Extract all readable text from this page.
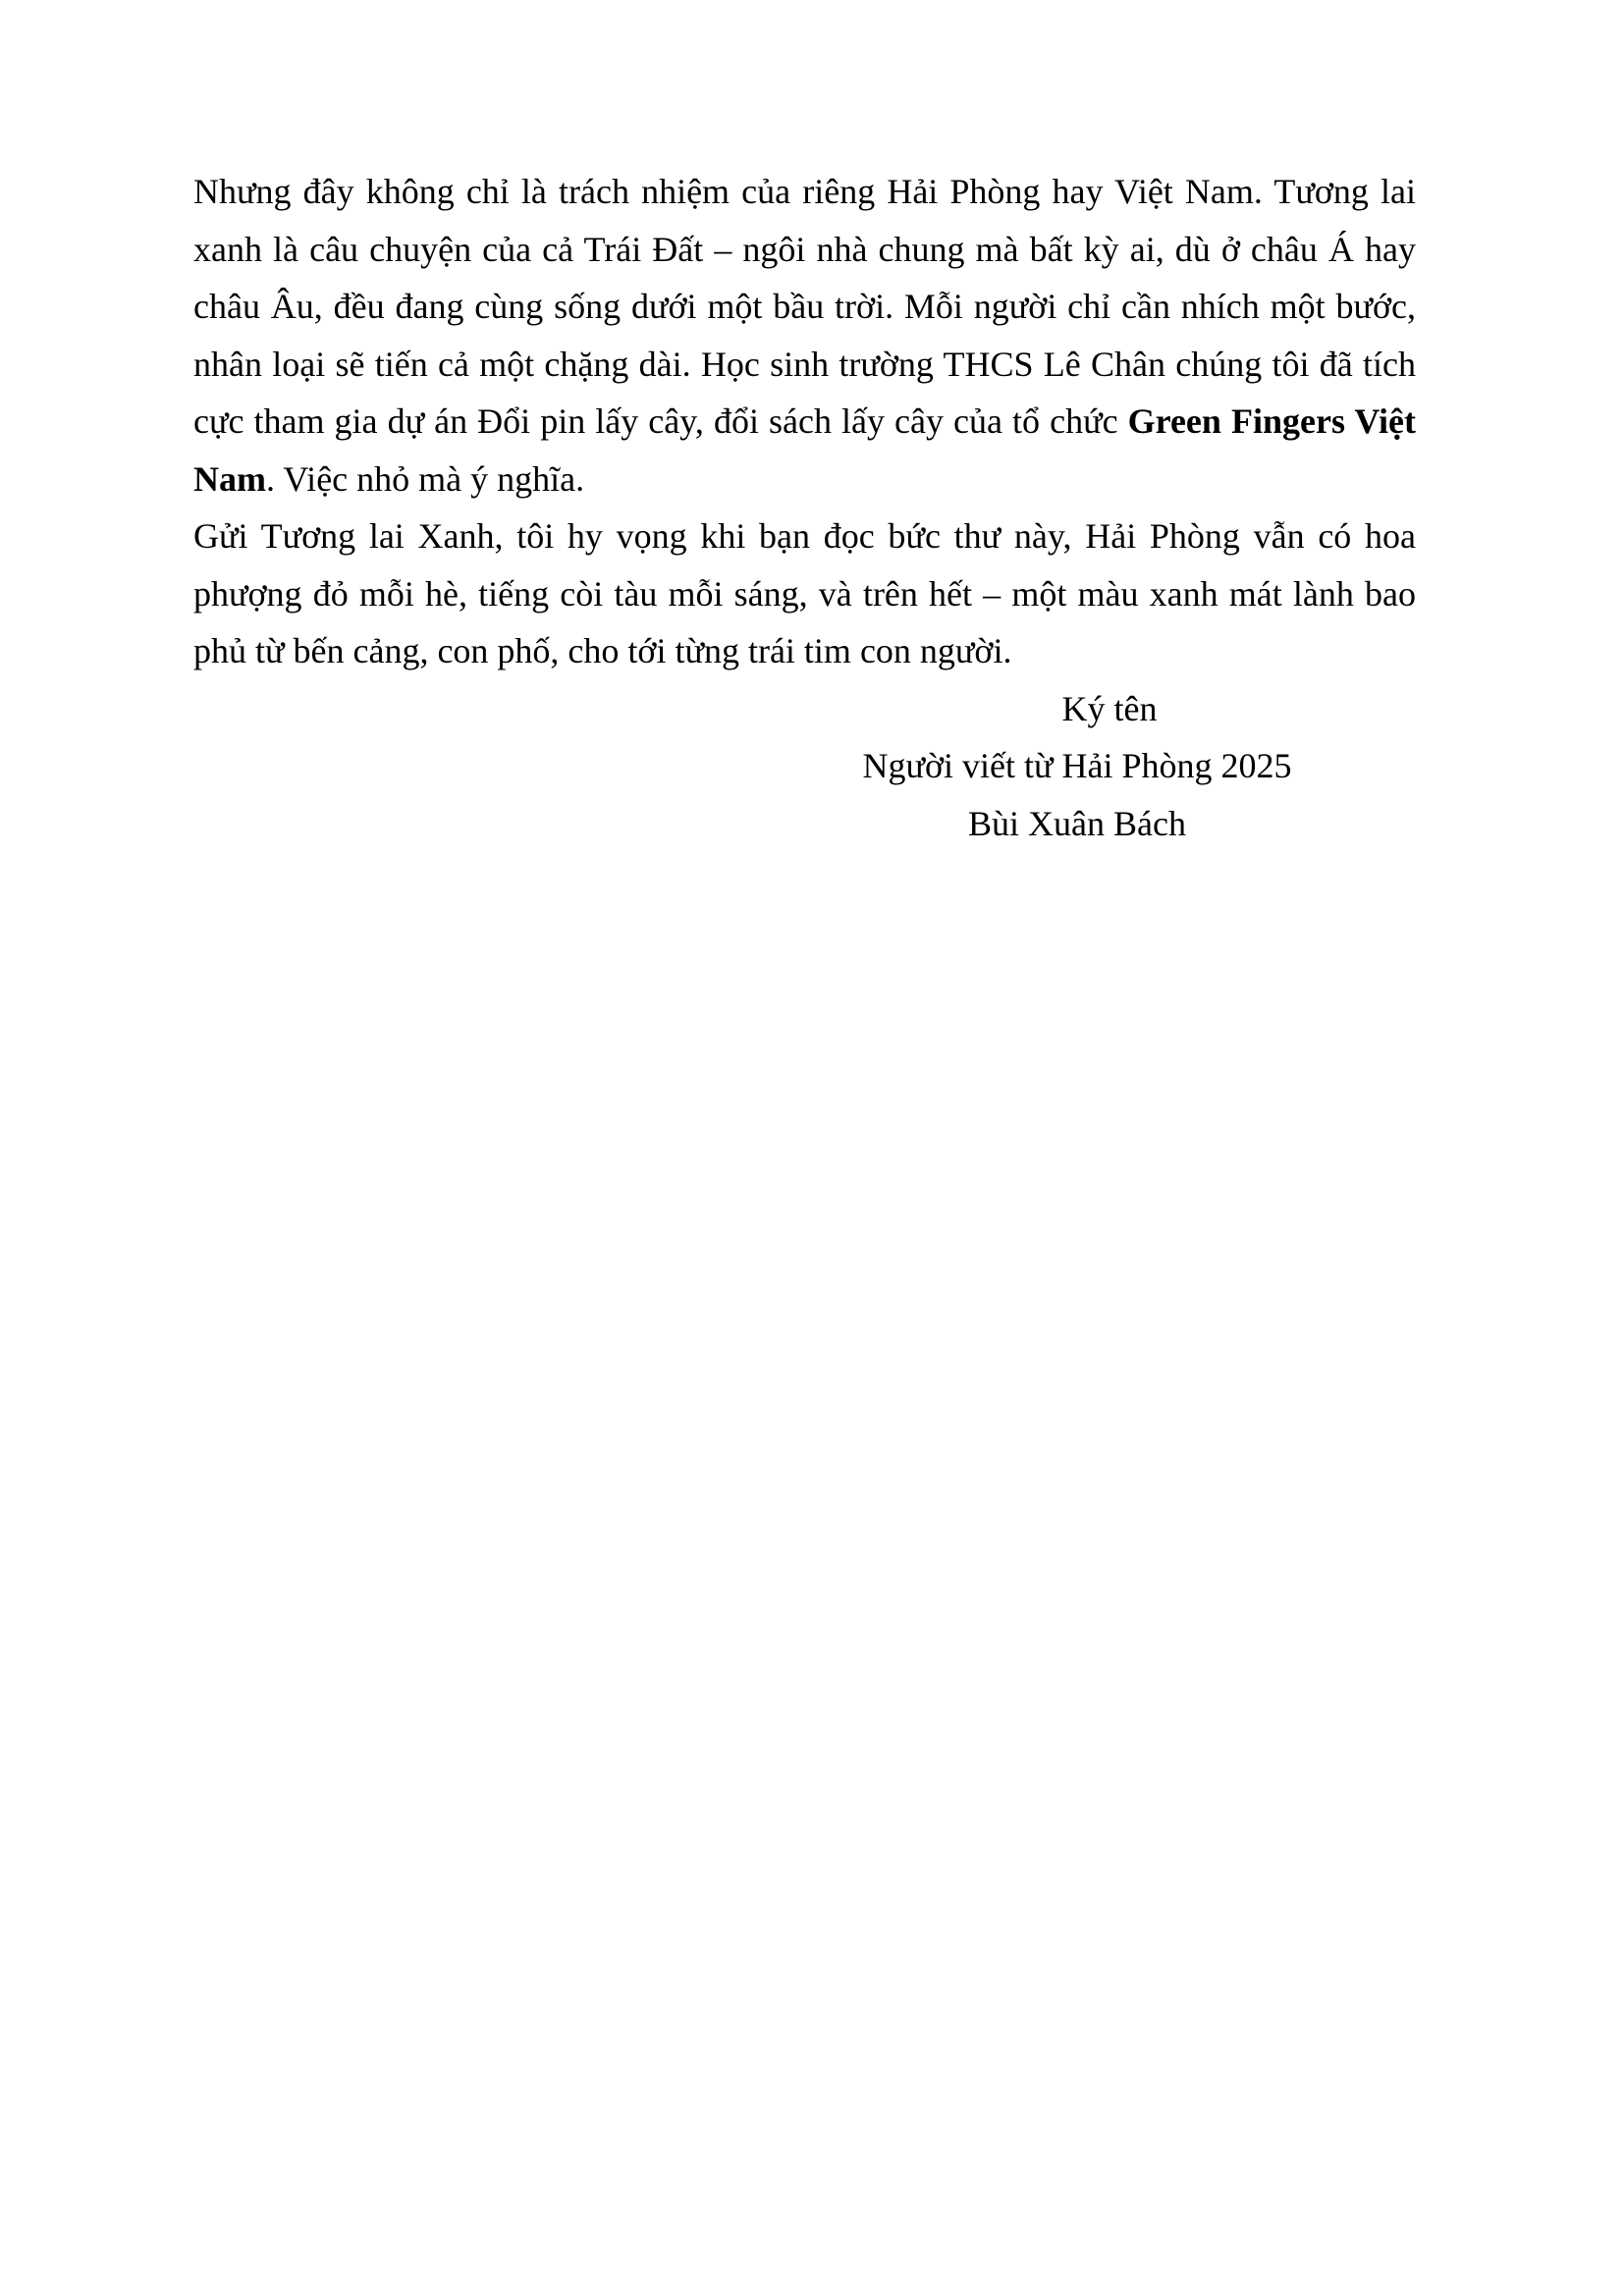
Nhưng đây không chỉ là trách nhiệm của riêng Hải Phòng hay Việt Nam. Tương lai xanh là câu chuyện của cả Trái Đất – ngôi nhà chung mà bất kỳ ai, dù ở châu Á hay châu Âu, đều đang cùng sống dưới một bầu trời. Mỗi người chỉ cần nhích một bước, nhân loại sẽ tiến cả một chặng dài. Học sinh trường THCS Lê Chân chúng tôi đã tích cực tham gia dự án Đổi pin lấy cây, đổi sách lấy cây của tổ chức Green Fingers Việt Nam. Việc nhỏ mà ý nghĩa.

Gửi Tương lai Xanh, tôi hy vọng khi bạn đọc bức thư này, Hải Phòng vẫn có hoa phượng đỏ mỗi hè, tiếng còi tàu mỗi sáng, và trên hết – một màu xanh mát lành bao phủ từ bến cảng, con phố, cho tới từng trái tim con người.

Ký tên
Người viết từ Hải Phòng 2025
Bùi Xuân Bách
